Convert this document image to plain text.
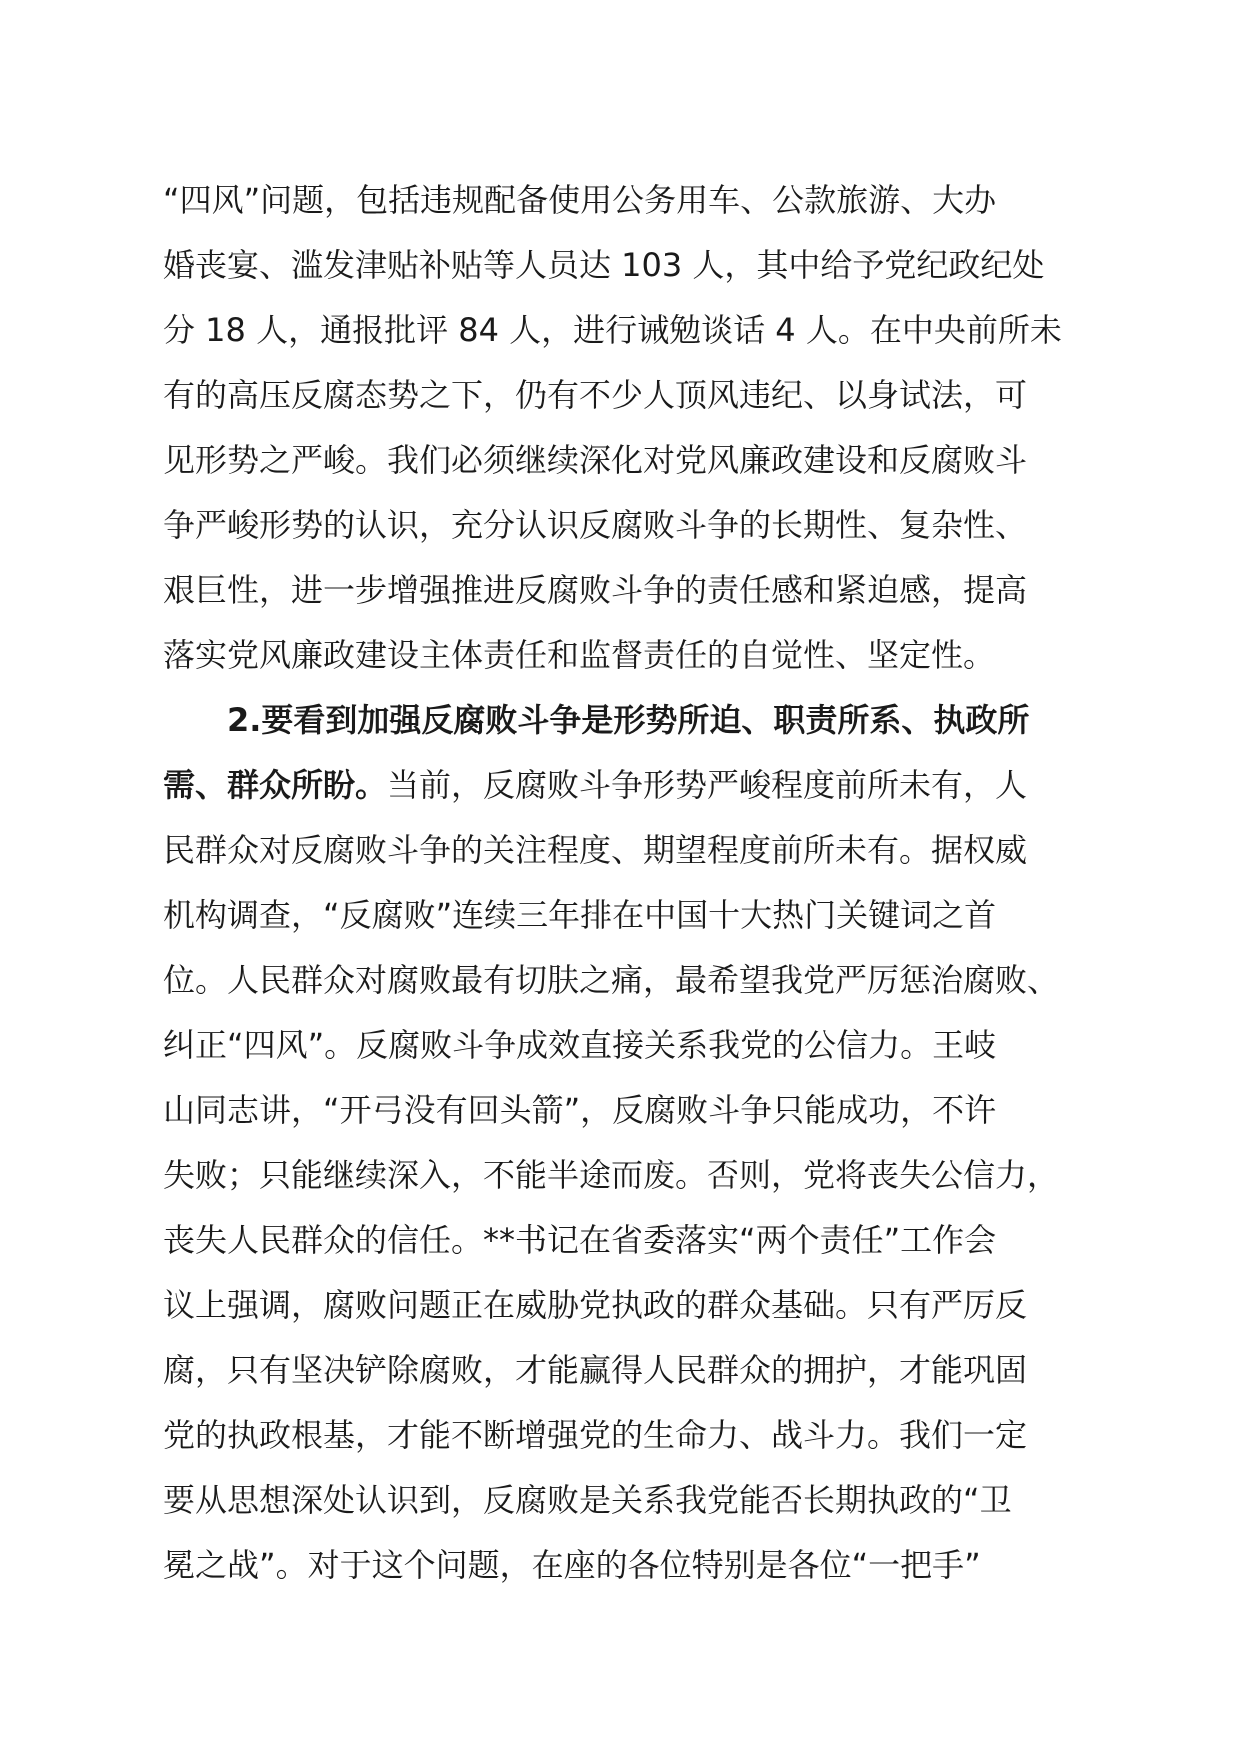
“四风”问题，包括违规配备使用公务用车、公款旅游、大办
婚丧宴、滥发津贴补贴等人员达 103 人，其中给予党纪政纪处
分 18 人，通报批评 84 人，进行诫勉谈话 4 人。在中央前所未
有的高压反腐态势之下，仍有不少人顶风违纪、以身试法，可
见形势之严峻。我们必须继续深化对党风廉政建设和反腐败斗
争严峻形势的认识，充分认识反腐败斗争的长期性、复杂性、
艰巨性，进一步增强推进反腐败斗争的责任感和紧迫感，提高
落实党风廉政建设主体责任和监督责任的自觉性、坚定性。
2.要看到加强反腐败斗争是形势所迫、职责所系、执政所
需、群众所盼。当前，反腐败斗争形势严峻程度前所未有，人
民群众对反腐败斗争的关注程度、期望程度前所未有。据权威
机构调查，“反腐败”连续三年排在中国十大热门关键词之首
位。人民群众对腐败最有切肤之痛，最希望我党严厉惩治腐败、
纠正“四风”。反腐败斗争成效直接关系我党的公信力。王岐
山同志讲，“开弓没有回头箭”，反腐败斗争只能成功，不许
失败；只能继续深入，不能半途而废。否则，党将丧失公信力，
丧失人民群众的信任。**书记在省委落实“两个责任”工作会
议上强调，腐败问题正在威胁党执政的群众基础。只有严厉反
腐，只有坚决铲除腐败，才能赢得人民群众的拥护，才能巩固
党的执政根基，才能不断增强党的生命力、战斗力。我们一定
要从思想深处认识到，反腐败是关系我党能否长期执政的“卫
冕之战”。对于这个问题，在座的各位特别是各位“一把手”
